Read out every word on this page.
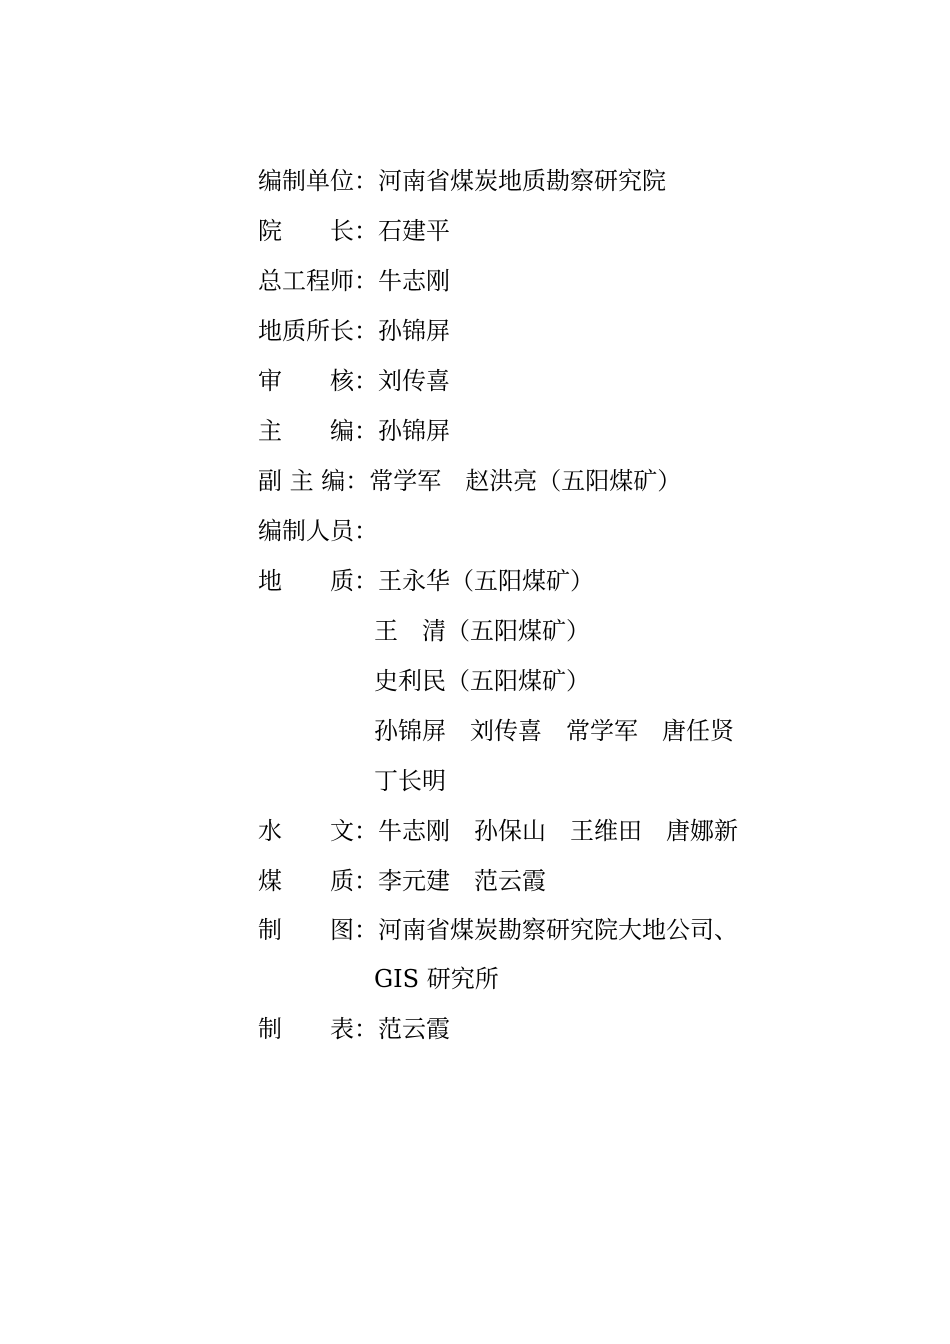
编制单位：河南省煤炭地质勘察研究院
院　　长：石建平
总工程师：牛志刚
地质所长：孙锦屏
审　　核：刘传喜
主　　编：孙锦屏
副 主 编：常学军　赵洪亮（五阳煤矿）
编制人员：
地　　质：王永华（五阳煤矿）
王　清（五阳煤矿）
史利民（五阳煤矿）
孙锦屏　刘传喜　常学军　唐任贤
丁长明
水　　文：牛志刚　孙保山　王维田　唐娜新
煤　　质：李元建　范云霞
制　　图：河南省煤炭勘察研究院大地公司、
GIS 研究所
制　　表：范云霞
